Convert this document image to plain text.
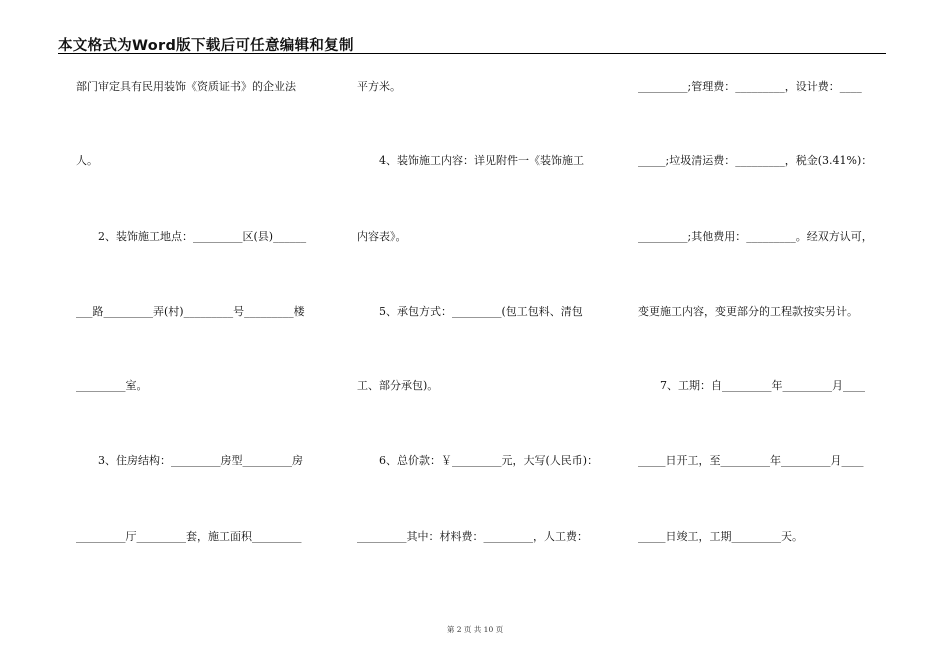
本文格式为Word版下载后可任意编辑和复制
部门审定具有民用装饰《资质证书》的企业法
人。
2、装饰施工地点：_________区(县)______
___路_________弄(村)_________号_________楼
_________室。
3、住房结构：_________房型_________房
_________厅_________套，施工面积_________
平方米。
4、装饰施工内容：详见附件一《装饰施工
内容表》。
5、承包方式：_________(包工包料、清包
工、部分承包)。
6、总价款：￥_________元，大写(人民币)：
_________其中：材料费：_________，人工费：
_________;管理费：_________，设计费：____
_____;垃圾清运费：_________，税金(3.41%)：
_________;其他费用：_________。经双方认可，
变更施工内容，变更部分的工程款按实另计。
7、工期：自_________年_________月____
_____日开工，至_________年_________月____
_____日竣工，工期_________天。
第 2 页 共 10 页
